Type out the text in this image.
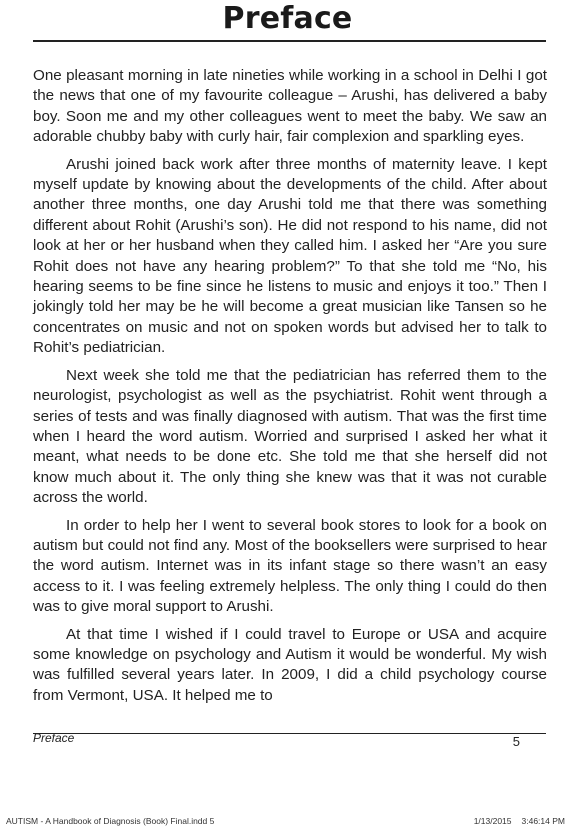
Preface

One pleasant morning in late nineties while working in a school in Delhi I got the news that one of my favourite colleague – Arushi, has delivered a baby boy. Soon me and my other colleagues went to meet the baby. We saw an adorable chubby baby with curly hair, fair complexion and sparkling eyes.

Arushi joined back work after three months of maternity leave. I kept myself update by knowing about the developments of the child. After about another three months, one day Arushi told me that there was something different about Rohit (Arushi’s son). He did not respond to his name, did not look at her or her husband when they called him. I asked her “Are you sure Rohit does not have any hearing problem?” To that she told me “No, his hearing seems to be fine since he listens to music and enjoys it too.” Then I jokingly told her may be he will become a great musician like Tansen so he concentrates on music and not on spoken words but advised her to talk to Rohit’s pediatrician.

Next week she told me that the pediatrician has referred them to the neurologist, psychologist as well as the psychiatrist. Rohit went through a series of tests and was finally diagnosed with autism. That was the first time when I heard the word autism. Worried and surprised I asked her what it meant, what needs to be done etc. She told me that she herself did not know much about it. The only thing she knew was that it was not curable across the world.

In order to help her I went to several book stores to look for a book on autism but could not find any. Most of the booksellers were surprised to hear the word autism. Internet was in its infant stage so there wasn’t an easy access to it. I was feeling extremely helpless. The only thing I could do then was to give moral support to Arushi.

At that time I wished if I could travel to Europe or USA and acquire some knowledge on psychology and Autism it would be wonderful. My wish was fulfilled several years later. In 2009, I did a child psychology course from Vermont, USA. It helped me to

Preface	5
AUTISM - A Handbook of Diagnosis (Book) Final.indd 5	1/13/2015 3:46:14 PM
